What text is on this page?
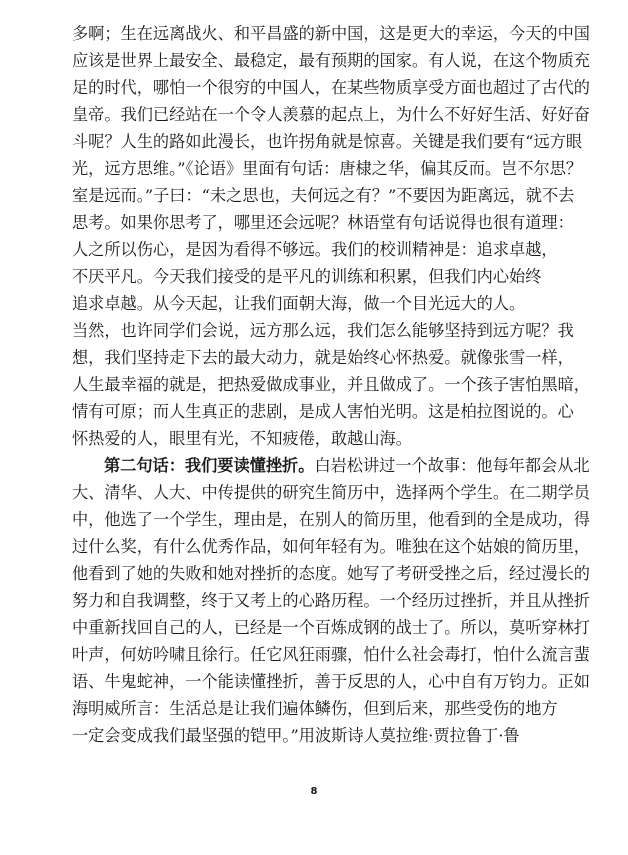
多啊；生在远离战火、和平昌盛的新中国，这是更大的幸运，今天的中国
应该是世界上最安全、最稳定，最有预期的国家。有人说，在这个物质充
足的时代，哪怕一个很穷的中国人，在某些物质享受方面也超过了古代的
皇帝。我们已经站在一个令人羡慕的起点上，为什么不好好生活、好好奋
斗呢？人生的路如此漫长，也许拐角就是惊喜。关键是我们要有“远方眼
光，远方思维。”《论语》里面有句话：唐棣之华，偏其反而。岂不尔思？
室是远而。”子曰：“未之思也，夫何远之有？”不要因为距离远，就不去
思考。如果你思考了，哪里还会远呢？林语堂有句话说得也很有道理：
人之所以伤心，是因为看得不够远。我们的校训精神是：追求卓越，
不厌平凡。今天我们接受的是平凡的训练和积累，但我们内心始终
追求卓越。从今天起，让我们面朝大海，做一个目光远大的人。
当然，也许同学们会说，远方那么远，我们怎么能够坚持到远方呢？我
想，我们坚持走下去的最大动力，就是始终心怀热爱。就像张雪一样，
人生最幸福的就是，把热爱做成事业，并且做成了。一个孩子害怕黑暗，
情有可原；而人生真正的悲剧，是成人害怕光明。这是柏拉图说的。心
怀热爱的人，眼里有光，不知疲倦，敢越山海。
第二句话：我们要读懂挫折。白岩松讲过一个故事：他每年都会从北
大、清华、人大、中传提供的研究生简历中，选择两个学生。在二期学员
中，他选了一个学生，理由是，在别人的简历里，他看到的全是成功，得
过什么奖，有什么优秀作品，如何年轻有为。唯独在这个姑娘的简历里，
他看到了她的失败和她对挫折的态度。她写了考研受挫之后，经过漫长的
努力和自我调整，终于又考上的心路历程。一个经历过挫折，并且从挫折
中重新找回自己的人，已经是一个百炼成钢的战士了。所以，莫听穿林打
叶声，何妨吟啸且徐行。任它风狂雨骤，怕什么社会毒打，怕什么流言蜚
语、牛鬼蛇神，一个能读懂挫折，善于反思的人，心中自有万钧力。正如
海明威所言：生活总是让我们遍体鳞伤，但到后来，那些受伤的地方
一定会变成我们最坚强的铠甲。”用波斯诗人莫拉维·贾拉鲁丁·鲁
8
